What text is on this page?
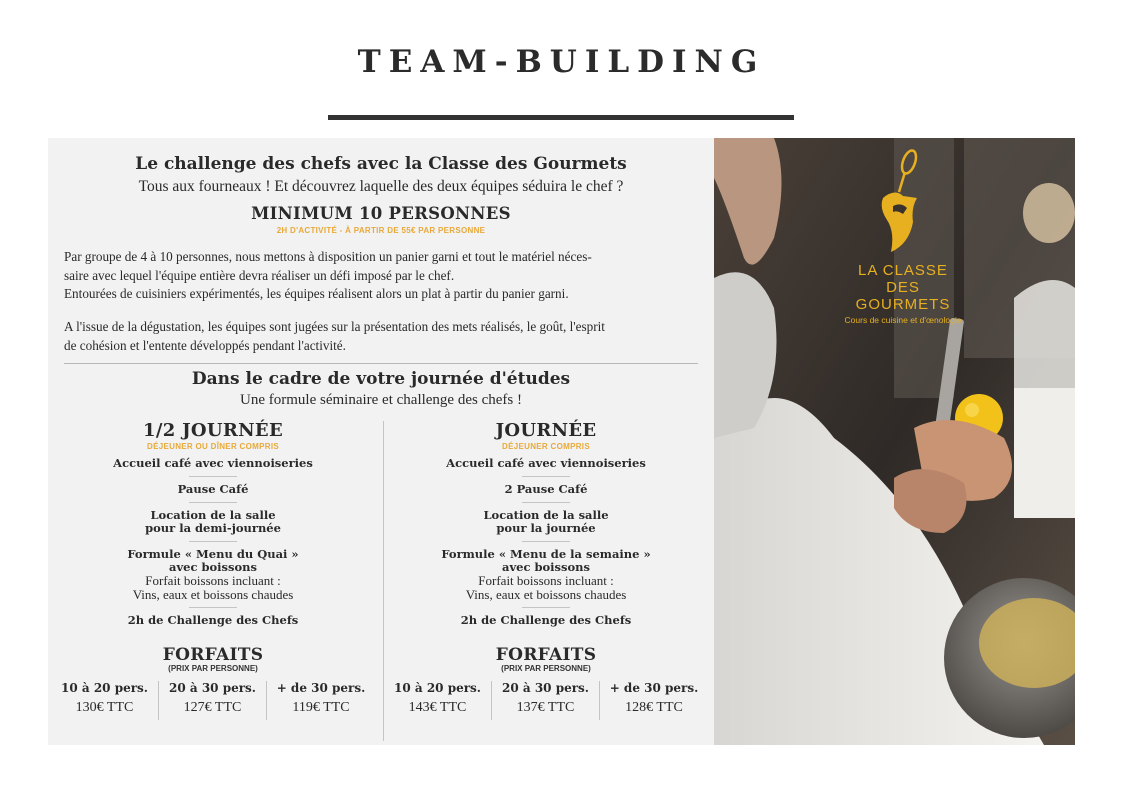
TEAM-BUILDING
Le challenge des chefs avec la Classe des Gourmets
Tous aux fourneaux ! Et découvrez laquelle des deux équipes séduira le chef ?
MINIMUM 10 PERSONNES
2H D'ACTIVITÉ - À PARTIR DE 55€ PAR PERSONNE
Par groupe de 4 à 10 personnes, nous mettons à disposition un panier garni et tout le matériel néces-
saire avec lequel l'équipe entière devra réaliser un défi imposé par le chef.
Entourées de cuisiniers expérimentés, les équipes réalisent alors un plat à partir du panier garni.
A l'issue de la dégustation, les équipes sont jugées sur la présentation des mets réalisés, le goût, l'esprit
de cohésion et l'entente développés pendant l'activité.
Dans le cadre de votre journée d'études
Une formule séminaire et challenge des chefs !
1/2 JOURNÉE
DÉJEUNER OU DÎNER COMPRIS
Accueil café avec viennoiseries
Pause Café
Location de la salle
pour la demi-journée
Formule « Menu du Quai »
avec boissons
Forfait boissons incluant :
Vins, eaux et boissons chaudes
2h de Challenge des Chefs
FORFAITS
(PRIX PAR PERSONNE)
10 à 20 pers.
130€ TTC
20 à 30 pers.
127€ TTC
+ de 30 pers.
119€ TTC
JOURNÉE
DÉJEUNER COMPRIS
Accueil café avec viennoiseries
2 Pause Café
Location de la salle
pour la journée
Formule « Menu de la semaine »
avec boissons
Forfait boissons incluant :
Vins, eaux et boissons chaudes
2h de Challenge des Chefs
FORFAITS
(PRIX PAR PERSONNE)
10 à 20 pers.
143€ TTC
20 à 30 pers.
137€ TTC
+ de 30 pers.
128€ TTC
LA CLASSE
DES GOURMETS
Cours de cuisine et d'œnologie
